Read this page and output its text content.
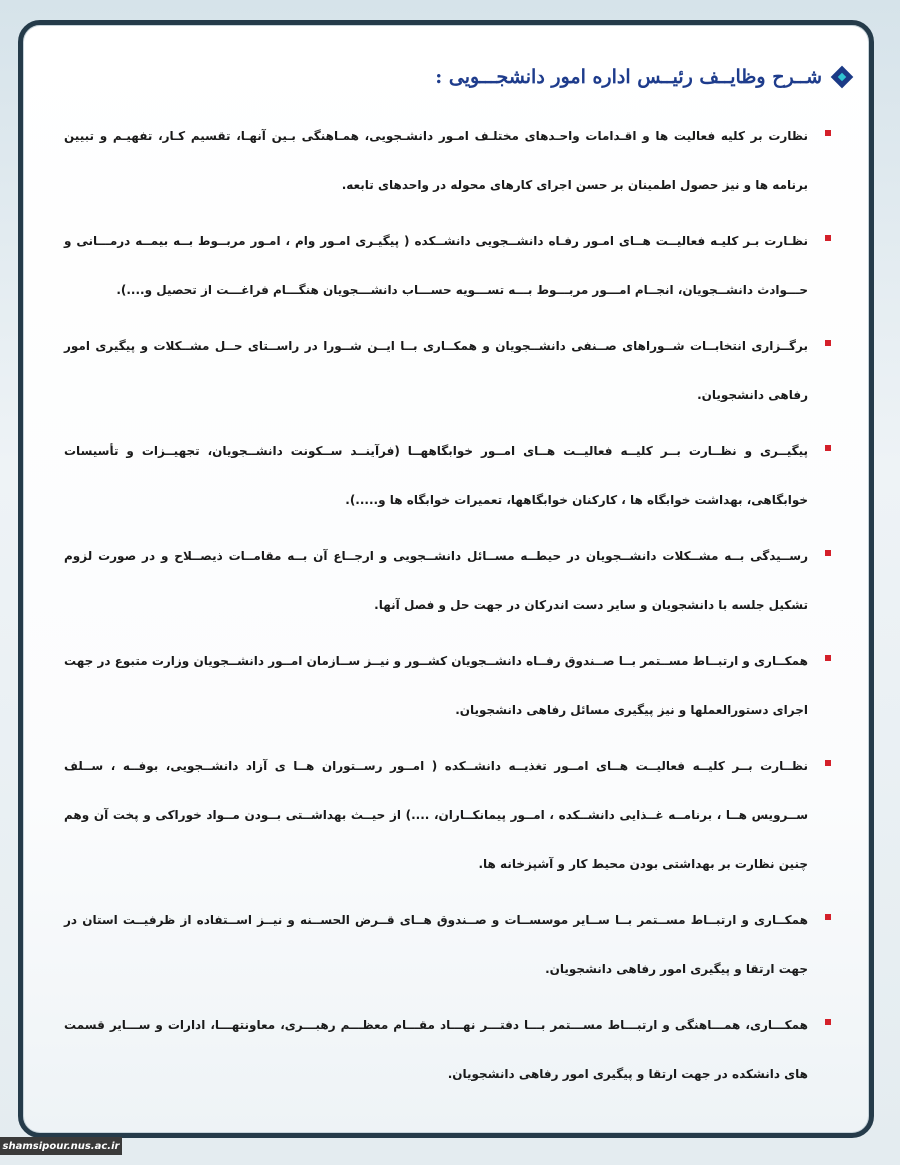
شــرح وظایــف رئیــس اداره امور دانشجـــویی :

نظارت بر کلیه فعالیت ها و اقـدامات واحـدهای مختلـف امـور دانشـجویی، همـاهنگی بـین آنهـا، تقسیم کـار، تفهیـم و تبیین برنامه ها و نیز حصول اطمینان بر حسن اجرای کارهای محوله در واحدهای تابعه.

نظـارت بـر کلیـه فعالیــت هــای امـور رفـاه دانشــجویی دانشــکده ( پیگیـری امـور وام ، امـور مربــوط بــه بیمــه درمـــانی و حـــوادث دانشــجویان، انجــام امـــور مربـــوط بـــه تســـویه حســـاب دانشـــجویان هنگـــام فراغـــت از تحصیل و....).

برگــزاری انتخابــات شــوراهای صــنفی دانشــجویان و همکــاری بــا ایــن شــورا در راســتای حــل مشــکلات و پیگیری امور رفاهی دانشجویان.

پیگیــری و نظــارت بــر کلیــه فعالیــت هــای امــور خوابگاههــا (فرآینــد ســکونت دانشــجویان، تجهیــزات و تأسیسات خوابگاهی، بهداشت خوابگاه ها ، کارکنان خوابگاهها، تعمیرات خوابگاه ها و.....).

رســیدگی بــه مشــکلات دانشــجویان در حیطــه مســائل دانشــجویی و ارجــاع آن بــه مقامــات ذیصــلاح و در صورت لزوم تشکیل جلسه با دانشجویان و سایر دست اندرکان در جهت حل و فصل آنها.

همکــاری و ارتبــاط مســتمر بــا صــندوق رفــاه دانشــجویان کشــور و نیــز ســازمان امــور دانشــجویان وزارت متبوع در جهت اجرای دستورالعملها و نیز پیگیری مسائل رفاهی دانشجویان.

نظــارت بــر کلیــه فعالیــت هــای امــور تغذیــه دانشــکده ( امــور رســتوران هــا ی آزاد دانشــجویی، بوفــه ، ســلف ســرویس هــا ، برنامــه غــذایی دانشــکده ، امــور پیمانکــاران، ....) از حیــث بهداشــتی بــودن مــواد خوراکی و پخت آن وهم چنین نظارت بر بهداشتی بودن محیط کار و آشپزخانه ها.

همکــاری و ارتبــاط مســتمر بــا ســایر موسســات و صــندوق هــای قــرض الحســنه و نیــز اســتفاده از ظرفیــت استان در جهت ارتقا و پیگیری امور رفاهی دانشجویان.

همکـــاری، همـــاهنگی و ارتبـــاط مســـتمر بـــا دفتـــر نهـــاد مقـــام معظـــم رهبـــری، معاونتهـــا، ادارات و ســـایر قسمت های دانشکده در جهت ارتقا و پیگیری امور رفاهی دانشجویان.

shamsipour.nus.ac.ir
